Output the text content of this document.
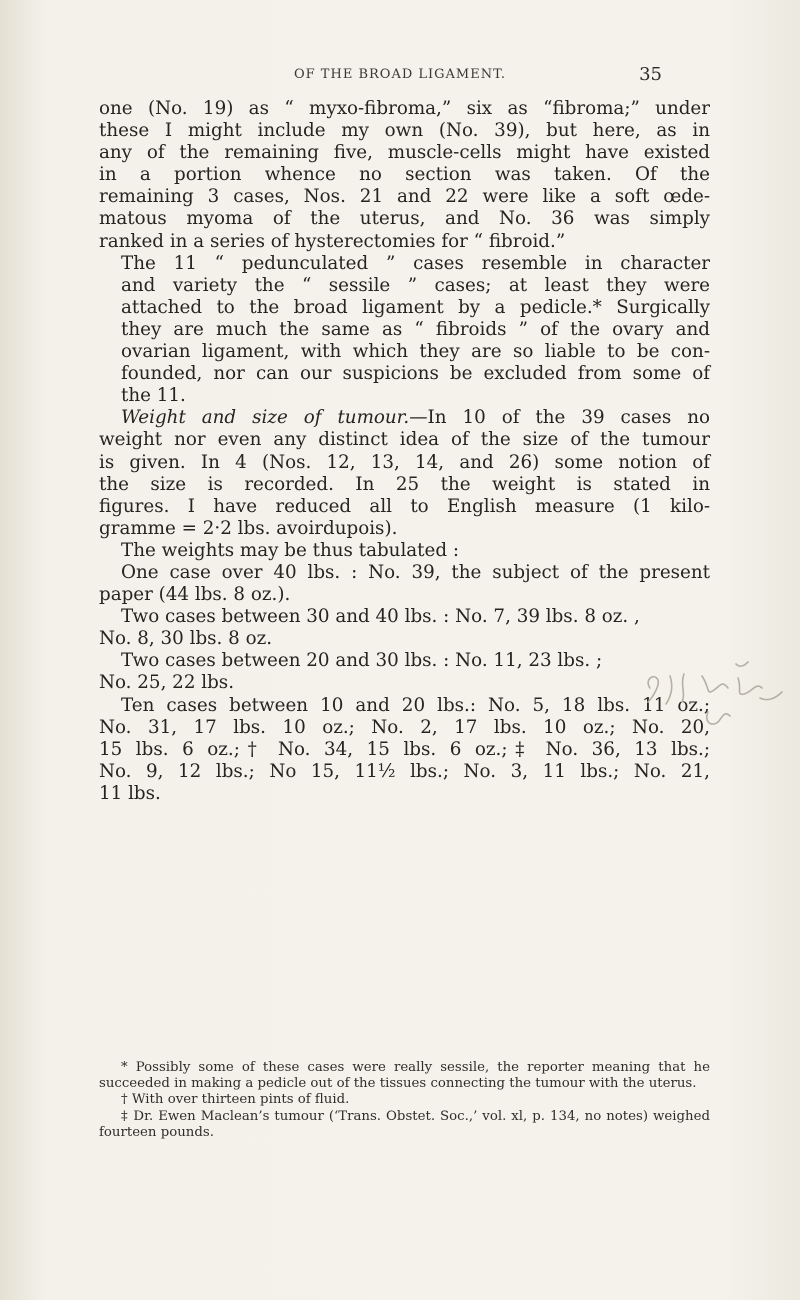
OF THE BROAD LIGAMENT.	35

one (No. 19) as “ myxo-fibroma,” six as “fibroma;” under
these I might include my own (No. 39), but here, as in
any of the remaining five, muscle-cells might have existed
in a portion whence no section was taken. Of the
remaining 3 cases, Nos. 21 and 22 were like a soft œde-
matous myoma of the uterus, and No. 36 was simply
ranked in a series of hysterectomies for “ fibroid.”

The 11 “ pedunculated ” cases resemble in character
and variety the “ sessile ” cases; at least they were
attached to the broad ligament by a pedicle.* Surgically
they are much the same as “ fibroids ” of the ovary and
ovarian ligament, with which they are so liable to be con-
founded, nor can our suspicions be excluded from some of
the 11.

Weight and size of tumour.—In 10 of the 39 cases no
weight nor even any distinct idea of the size of the tumour
is given. In 4 (Nos. 12, 13, 14, and 26) some notion of
the size is recorded. In 25 the weight is stated in
figures. I have reduced all to English measure (1 kilo-
gramme = 2·2 lbs. avoirdupois).

The weights may be thus tabulated :

One case over 40 lbs. : No. 39, the subject of the present
paper (44 lbs. 8 oz.).

Two cases between 30 and 40 lbs. : No. 7, 39 lbs. 8 oz. ,
No. 8, 30 lbs. 8 oz.

Two cases between 20 and 30 lbs. : No. 11, 23 lbs. ;
No. 25, 22 lbs.

Ten cases between 10 and 20 lbs.: No. 5, 18 lbs. 11 oz.;
No. 31, 17 lbs. 10 oz.; No. 2, 17 lbs. 10 oz.; No. 20,
15 lbs. 6 oz.;† No. 34, 15 lbs. 6 oz.;‡ No. 36, 13 lbs.;
No. 9, 12 lbs.; No 15, 11½ lbs.; No. 3, 11 lbs.; No. 21,
11 lbs.

* Possibly some of these cases were really sessile, the reporter meaning that he succeeded in making a pedicle out of the tissues connecting the tumour with the uterus.

† With over thirteen pints of fluid.

‡ Dr. Ewen Maclean’s tumour (‘Trans. Obstet. Soc.,’ vol. xl, p. 134, no notes) weighed fourteen pounds.
